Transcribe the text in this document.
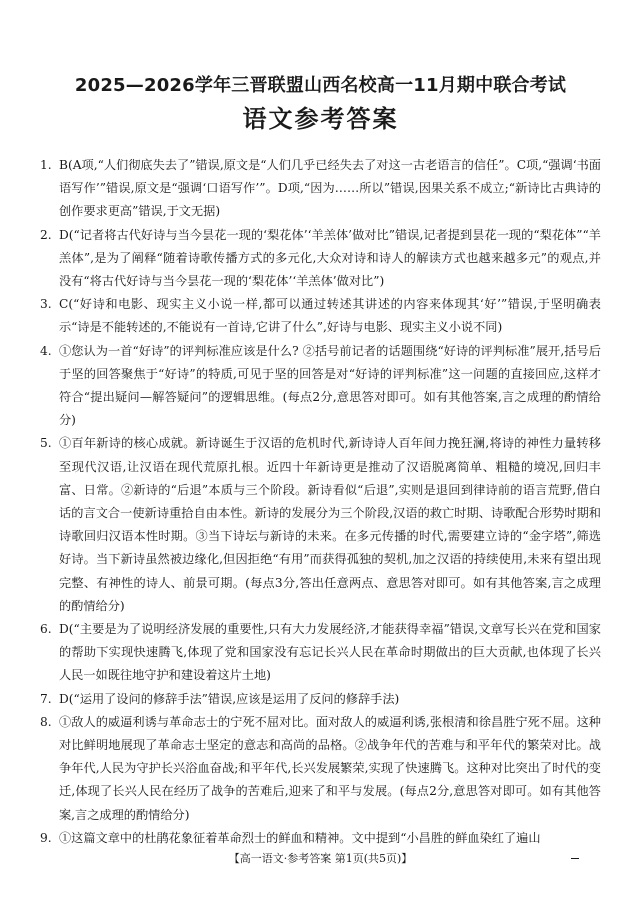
2025—2026学年三晋联盟山西名校高一11月期中联合考试
语文参考答案
1. B(A项,“人们彻底失去了”错误,原文是“人们几乎已经失去了对这一古老语言的信任”。C项,“强调‘书面语写作’”错误,原文是“强调‘口语写作’”。D项,“因为……所以”错误,因果关系不成立;“新诗比古典诗的创作要求更高”错误,于文无据)
2. D(“记者将古代好诗与当今昙花一现的‘梨花体’‘羊羔体’做对比”错误,记者提到昙花一现的“梨花体”“羊羔体”,是为了阐释“随着诗歌传播方式的多元化,大众对诗和诗人的解读方式也越来越多元”的观点,并没有“将古代好诗与当今昙花一现的‘梨花体’‘羊羔体’做对比”)
3. C(“好诗和电影、现实主义小说一样,都可以通过转述其讲述的内容来体现其‘好’”错误,于坚明确表示“诗是不能转述的,不能说有一首诗,它讲了什么”,好诗与电影、现实主义小说不同)
4. ①您认为一首“好诗”的评判标准应该是什么? ②括号前记者的话题围绕“好诗的评判标准”展开,括号后于坚的回答聚焦于“好诗”的特质,可见于坚的回答是对“好诗的评判标准”这一问题的直接回应,这样才符合“提出疑问—解答疑问”的逻辑思维。(每点2分,意思答对即可。如有其他答案,言之成理的酌情给分)
5. ①百年新诗的核心成就。新诗诞生于汉语的危机时代,新诗诗人百年间力挽狂澜,将诗的神性力量转移至现代汉语,让汉语在现代荒原扎根。近四十年新诗更是推动了汉语脱离简单、粗糙的境况,回归丰富、日常。②新诗的“后退”本质与三个阶段。新诗看似“后退”,实则是退回到律诗前的语言荒野,借白话的言文合一使新诗重拾自由本性。新诗的发展分为三个阶段,汉语的救亡时期、诗歌配合形势时期和诗歌回归汉语本性时期。③当下诗坛与新诗的未来。在多元传播的时代,需要建立诗的“金字塔”,筛选好诗。当下新诗虽然被边缘化,但因拒绝“有用”而获得孤独的契机,加之汉语的持续使用,未来有望出现完整、有神性的诗人、前景可期。(每点3分,答出任意两点、意思答对即可。如有其他答案,言之成理的酌情给分)
6. D(“主要是为了说明经济发展的重要性,只有大力发展经济,才能获得幸福”错误,文章写长兴在党和国家的帮助下实现快速腾飞,体现了党和国家没有忘记长兴人民在革命时期做出的巨大贡献,也体现了长兴人民一如既往地守护和建设着这片土地)
7. D(“运用了设问的修辞手法”错误,应该是运用了反问的修辞手法)
8. ①敌人的威逼利诱与革命志士的宁死不屈对比。面对敌人的威逼利诱,张根清和徐昌胜宁死不屈。这种对比鲜明地展现了革命志士坚定的意志和高尚的品格。②战争年代的苦难与和平年代的繁荣对比。战争年代,人民为守护长兴浴血奋战;和平年代,长兴发展繁荣,实现了快速腾飞。这种对比突出了时代的变迁,体现了长兴人民在经历了战争的苦难后,迎来了和平与发展。(每点2分,意思答对即可。如有其他答案,言之成理的酌情给分)
9. ①这篇文章中的杜鹃花象征着革命烈士的鲜血和精神。文中提到“小昌胜的鲜血染红了遍山
【高一语文·参考答案 第1页(共5页)】
